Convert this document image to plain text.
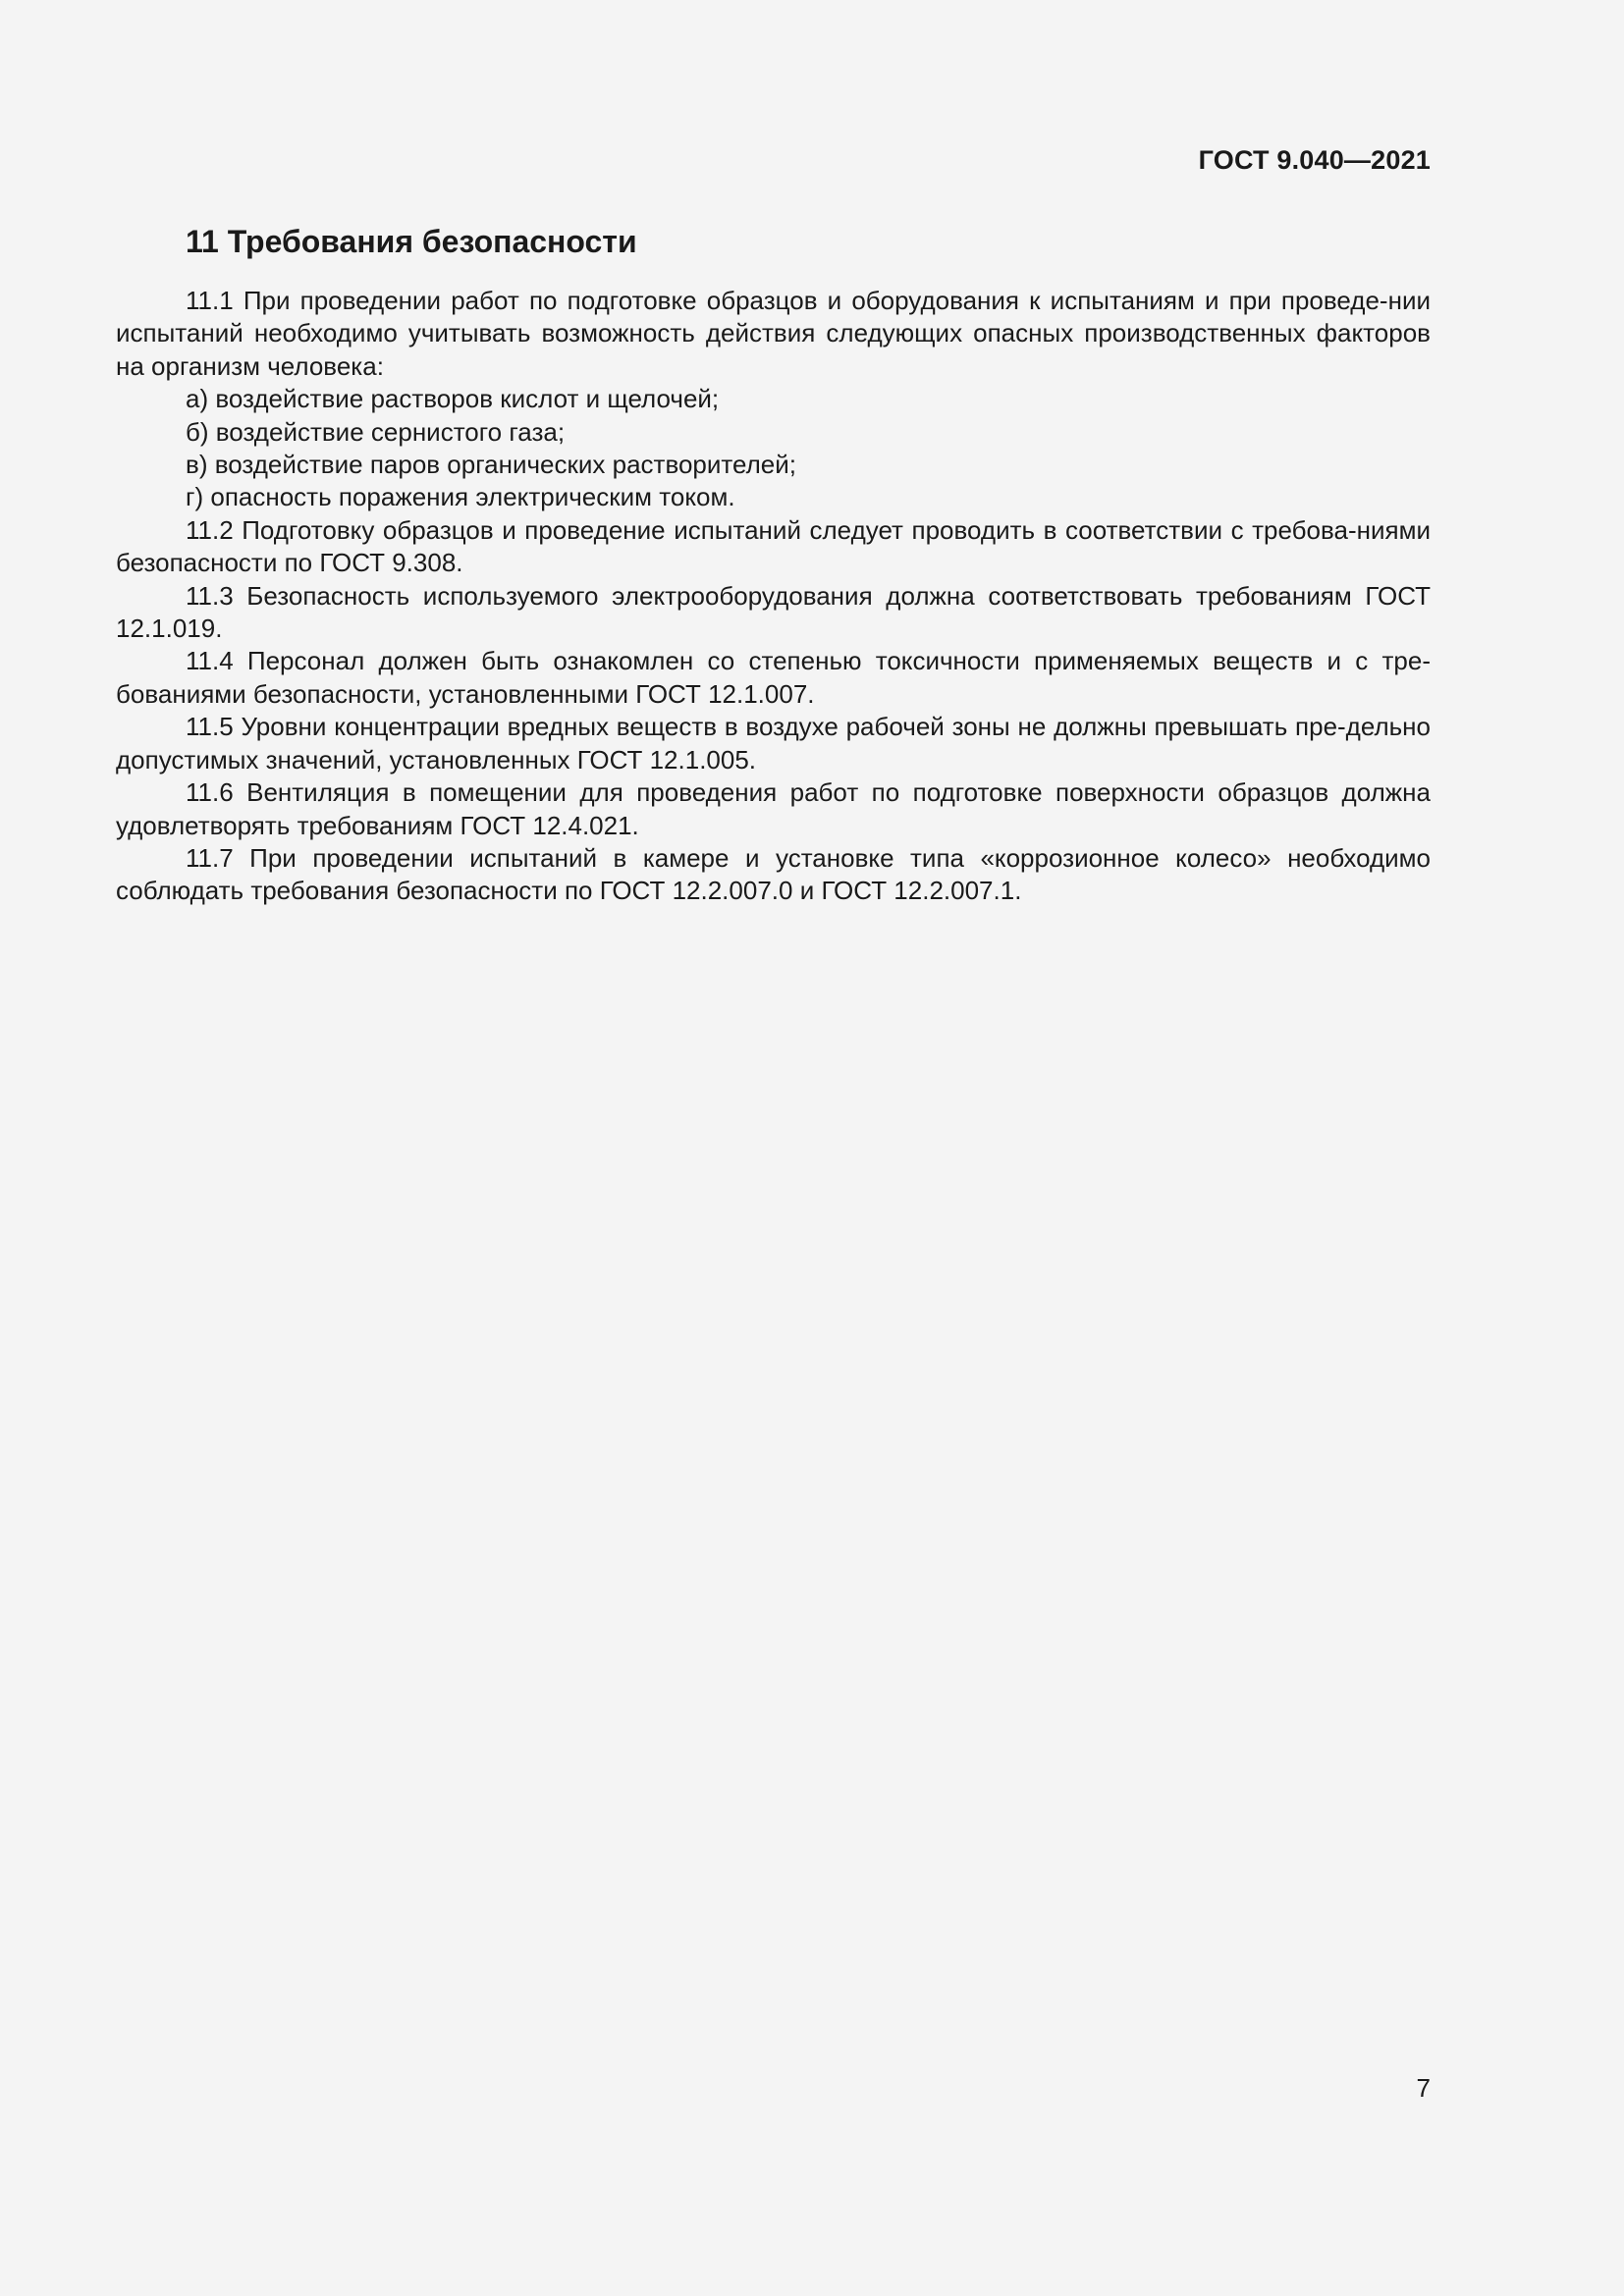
ГОСТ 9.040—2021
11 Требования безопасности

11.1 При проведении работ по подготовке образцов и оборудования к испытаниям и при проведе-нии испытаний необходимо учитывать возможность действия следующих опасных производственных факторов на организм человека:

а) воздействие растворов кислот и щелочей;

б) воздействие сернистого газа;

в) воздействие паров органических растворителей;

г) опасность поражения электрическим током.

11.2 Подготовку образцов и проведение испытаний следует проводить в соответствии с требова-ниями безопасности по ГОСТ 9.308.

11.3 Безопасность используемого электрооборудования должна соответствовать требованиям ГОСТ 12.1.019.

11.4 Персонал должен быть ознакомлен со степенью токсичности применяемых веществ и с тре-бованиями безопасности, установленными ГОСТ 12.1.007.

11.5 Уровни концентрации вредных веществ в воздухе рабочей зоны не должны превышать пре-дельно допустимых значений, установленных ГОСТ 12.1.005.

11.6 Вентиляция в помещении для проведения работ по подготовке поверхности образцов должна удовлетворять требованиям ГОСТ 12.4.021.

11.7 При проведении испытаний в камере и установке типа «коррозионное колесо» необходимо соблюдать требования безопасности по ГОСТ 12.2.007.0 и ГОСТ 12.2.007.1.

7
